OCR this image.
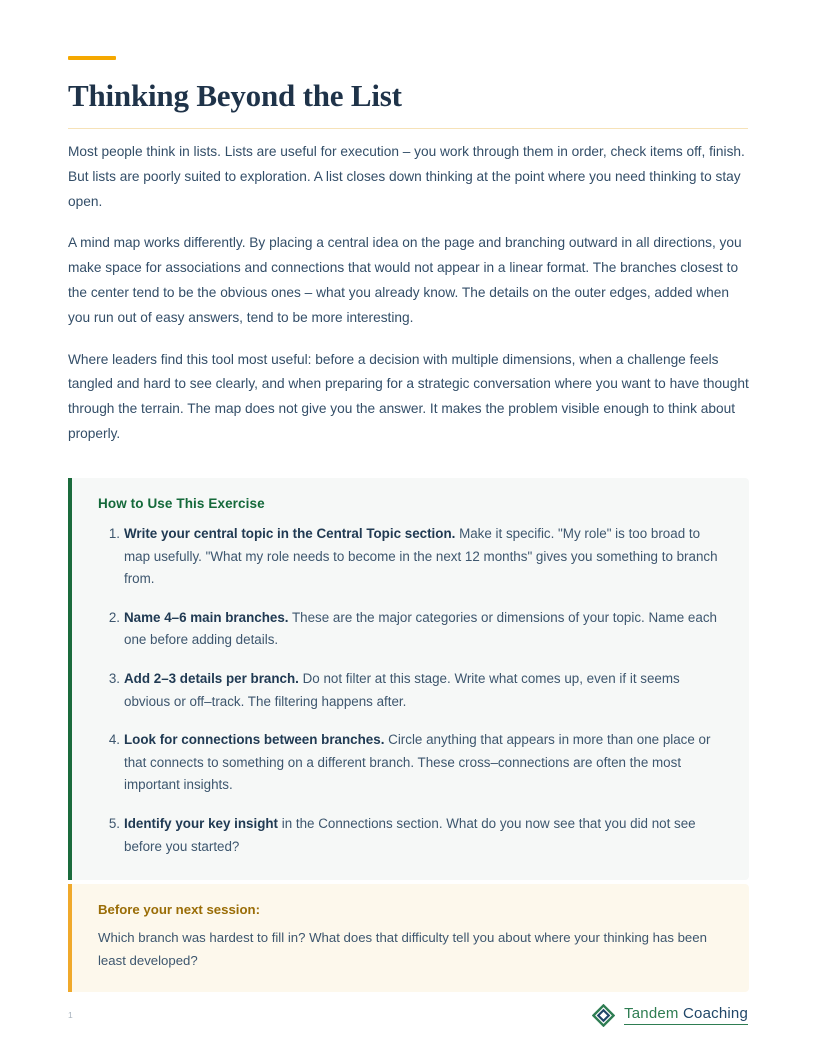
Thinking Beyond the List

Most people think in lists. Lists are useful for execution – you work through them in order, check items off, finish. But lists are poorly suited to exploration. A list closes down thinking at the point where you need thinking to stay open.

A mind map works differently. By placing a central idea on the page and branching outward in all directions, you make space for associations and connections that would not appear in a linear format. The branches closest to the center tend to be the obvious ones – what you already know. The details on the outer edges, added when you run out of easy answers, tend to be more interesting.

Where leaders find this tool most useful: before a decision with multiple dimensions, when a challenge feels tangled and hard to see clearly, and when preparing for a strategic conversation where you want to have thought through the terrain. The map does not give you the answer. It makes the problem visible enough to think about properly.

How to Use This Exercise
Write your central topic in the Central Topic section. Make it specific. "My role" is too broad to map usefully. "What my role needs to become in the next 12 months" gives you something to branch from.
Name 4–6 main branches. These are the major categories or dimensions of your topic. Name each one before adding details.
Add 2–3 details per branch. Do not filter at this stage. Write what comes up, even if it seems obvious or off–track. The filtering happens after.
Look for connections between branches. Circle anything that appears in more than one place or that connects to something on a different branch. These cross–connections are often the most important insights.
Identify your key insight in the Connections section. What do you now see that you did not see before you started?
Before your next session:
Which branch was hardest to fill in? What does that difficulty tell you about where your thinking has been least developed?
1	Tandem Coaching
